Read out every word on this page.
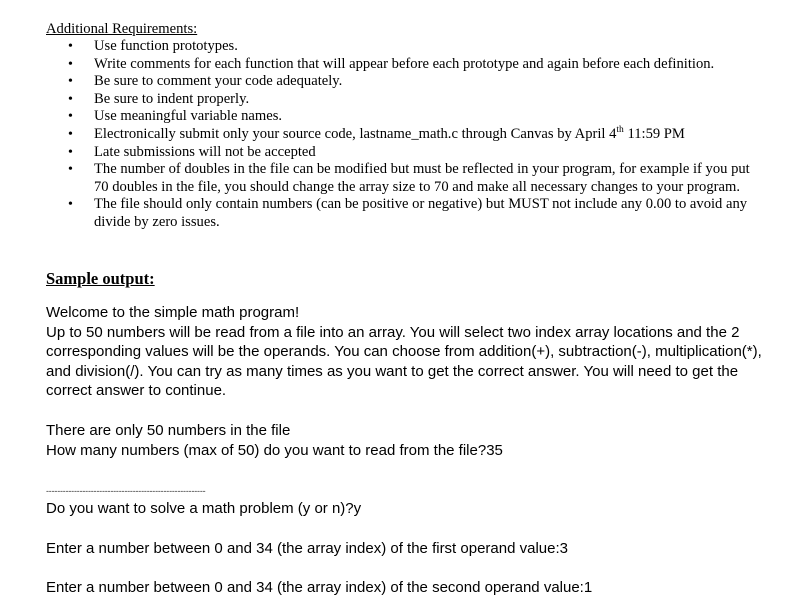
Additional Requirements:
• Use function prototypes.
• Write comments for each function that will appear before each prototype and again before each definition.
• Be sure to comment your code adequately.
• Be sure to indent properly.
• Use meaningful variable names.
• Electronically submit only your source code, lastname_math.c through Canvas by April 4th 11:59 PM
• Late submissions will not be accepted
• The number of doubles in the file can be modified but must be reflected in your program, for example if you put
70 doubles in the file, you should change the array size to 70 and make all necessary changes to your program.
• The file should only contain numbers (can be positive or negative) but MUST not include any 0.00 to avoid any
divide by zero issues.
Sample output:
Welcome to the simple math program!
Up to 50 numbers will be read from a file into an array. You will select two index array locations and the 2
corresponding values will be the operands. You can choose from addition(+), subtraction(-), multiplication(*),
and division(/). You can try as many times as you want to get the correct answer. You will need to get the
correct answer to continue.
There are only 50 numbers in the file
How many numbers (max of 50) do you want to read from the file?35
---------------------------------------------------------
Do you want to solve a math problem (y or n)?y
Enter a number between 0 and 34 (the array index) of the first operand value:3
Enter a number between 0 and 34 (the array index) of the second operand value:1
